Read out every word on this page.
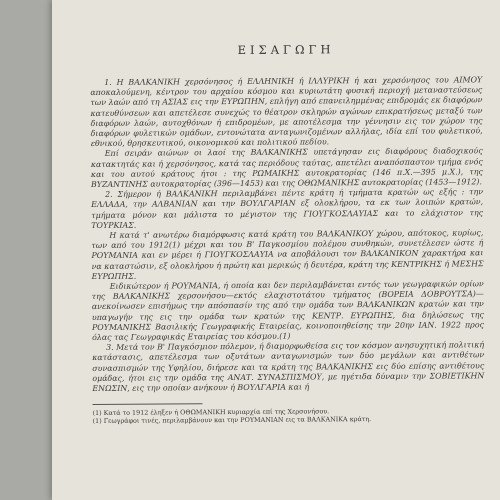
ΕΙΣΑΓΩΓΗ

1. Η ΒΑΛΚΑΝΙΚΗ χερσόνησος ή ΕΛΛΗΝΙΚΗ ή ΙΛΛΥΡΙΚΗ ή και χερσόνησος του ΑΙΜΟΥ αποκαλούμενη, κέντρον του αρχαίου κόσμου και κυριωτάτη φυσική περιοχή μεταναστεύσεως των λαών από τη ΑΣΙΑΣ εις την ΕΥΡΩΠΗΝ, επλήγη από επανειλημμένας επιδρομάς εκ διαφόρων κατευθύνσεων και απετέλεσε συνεχώς το θέατρον σκληρών αγώνων επικρατήσεως μεταξύ των διαφόρων λαών, αυτοχθόνων ή επιδρομέων, με αποτέλεσμα την γέννησιν εις τον χώρον της διαφόρων φυλετικών ομάδων, εντονώτατα ανταγωνιζομένων αλλήλας, ιδία επί του φυλετικού, εθνικού, θρησκευτικού, οικονομικού και πολιτικού πεδίου.

Επί σειράν αιώνων οι λαοί της ΒΑΛΚΑΝΙΚΗΣ υπετάγησαν εις διαφόρους διαδοχικούς κατακτητάς και ή χερσόνησος, κατά τας περιόδους ταύτας, απετέλει αναπόσπαστον τμήμα ενός και του αυτού κράτους ήτοι : της ΡΩΜΑΙΚΗΣ αυτοκρατορίας (146 π.Χ.—395 μ.Χ.), της ΒΥΖΑΝΤΙΝΗΣ αυτοκρατορίας (396—1453) και της ΟΘΩΜΑΝΙΚΗΣ αυτοκρατορίας (1453—1912).

2. Σήμερον ή ΒΑΛΚΑΝΙΚΗ περιλαμβάνει πέντε κράτη ή τμήματα κρατών ως εξής : την ΕΛΛΑΔΑ, την ΑΛΒΑΝΙΑΝ και την ΒΟΥΛΓΑΡΙΑΝ εξ ολοκλήρου, τα εκ των λοιπών κρατών, τμήματα μόνον και μάλιστα το μέγιστον της ΓΙΟΥΓΚΟΣΛΑΥΙΑΣ και το ελάχιστον της ΤΟΥΡΚΙΑΣ.

Η κατά τ' ανωτέρω διαμόρφωσις κατά κράτη του ΒΑΛΚΑΝΙΚΟΥ χώρου, απότοκος, κυρίως, των από του 1912(1) μέχρι και του Β' Παγκοσμίου πολέμου συνθηκών, συνετέλεσεν ώστε ή ΡΟΥΜΑΝΙΑ και εν μέρει ή ΓΙΟΥΓΚΟΣΛΑΥΙΑ να αποβάλουσι τον ΒΑΛΚΑΝΙΚΟΝ χαρακτήρα και να καταστώσιν, εξ ολοκλήρου ή πρώτη και μερικώς ή δευτέρα, κράτη της ΚΕΝΤΡΙΚΗΣ ή ΜΕΣΗΣ ΕΥΡΩΠΗΣ.

Ειδικώτερον ή ΡΟΥΜΑΝΙΑ, ή οποία και δεν περιλαμβάνεται εντός των γεωγραφικών ορίων της ΒΑΛΚΑΝΙΚΗΣ χερσονήσου—εκτός ελαχιστοτάτου τμήματος (ΒΟΡΕΙΑ ΔΟΒΡΟΥΤΣΑ)—ανεκοίνωσεν επισήμως την απόσπασίν της από την ομάδα των ΒΑΛΚΑΝΙΚΩΝ κρατών και την υπαγωγήν της εις την ομάδα των κρατών της ΚΕΝΤΡ. ΕΥΡΩΠΗΣ, δια δηλώσεως της ΡΟΥΜΑΝΙΚΗΣ Βασιλικής Γεωγραφικής Εταιρείας, κοινοποιηθείσης την 20ην ΙΑΝ. 1922 προς όλας τας Γεωγραφικάς Εταιρείας του κόσμου.(1)

3. Μετά τον Β' Παγκόσμιον πόλεμον, ή διαμορφωθείσα εις τον κόσμον ανησυχητική πολιτική κατάστασις, απετέλεσμα των οξυτάτων ανταγωνισμών των δύο μεγάλων και αντιθέτων συνασπισμών της Υφηλίου, διήρεσε και τα κράτη της ΒΑΛΚΑΝΙΚΗΣ εις δύο επίσης αντιθέτους ομάδας, ήτοι εις την ομάδα της ΑΝΑΤ. ΣΥΝΑΣΠΙΣΜΟΥ, με ηγέτιδα δύναμιν την ΣΟΒΙΕΤΙΚΗΝ ΕΝΩΣΙΝ, εις την οποίαν ανήκουν ή ΒΟΥΛΓΑΡΙΑ και ή

(1) Κατά το 1912 έληξεν ή ΟΘΩΜΑΝΙΚΗ κυριαρχία επί της Χερσονήσου.

(1) Γεωγράφοι τινές, περιλαμβάνουν και την ΡΟΥΜΑΝΙΑΝ εις τα ΒΑΛΚΑΝΙΚΑ κράτη.
